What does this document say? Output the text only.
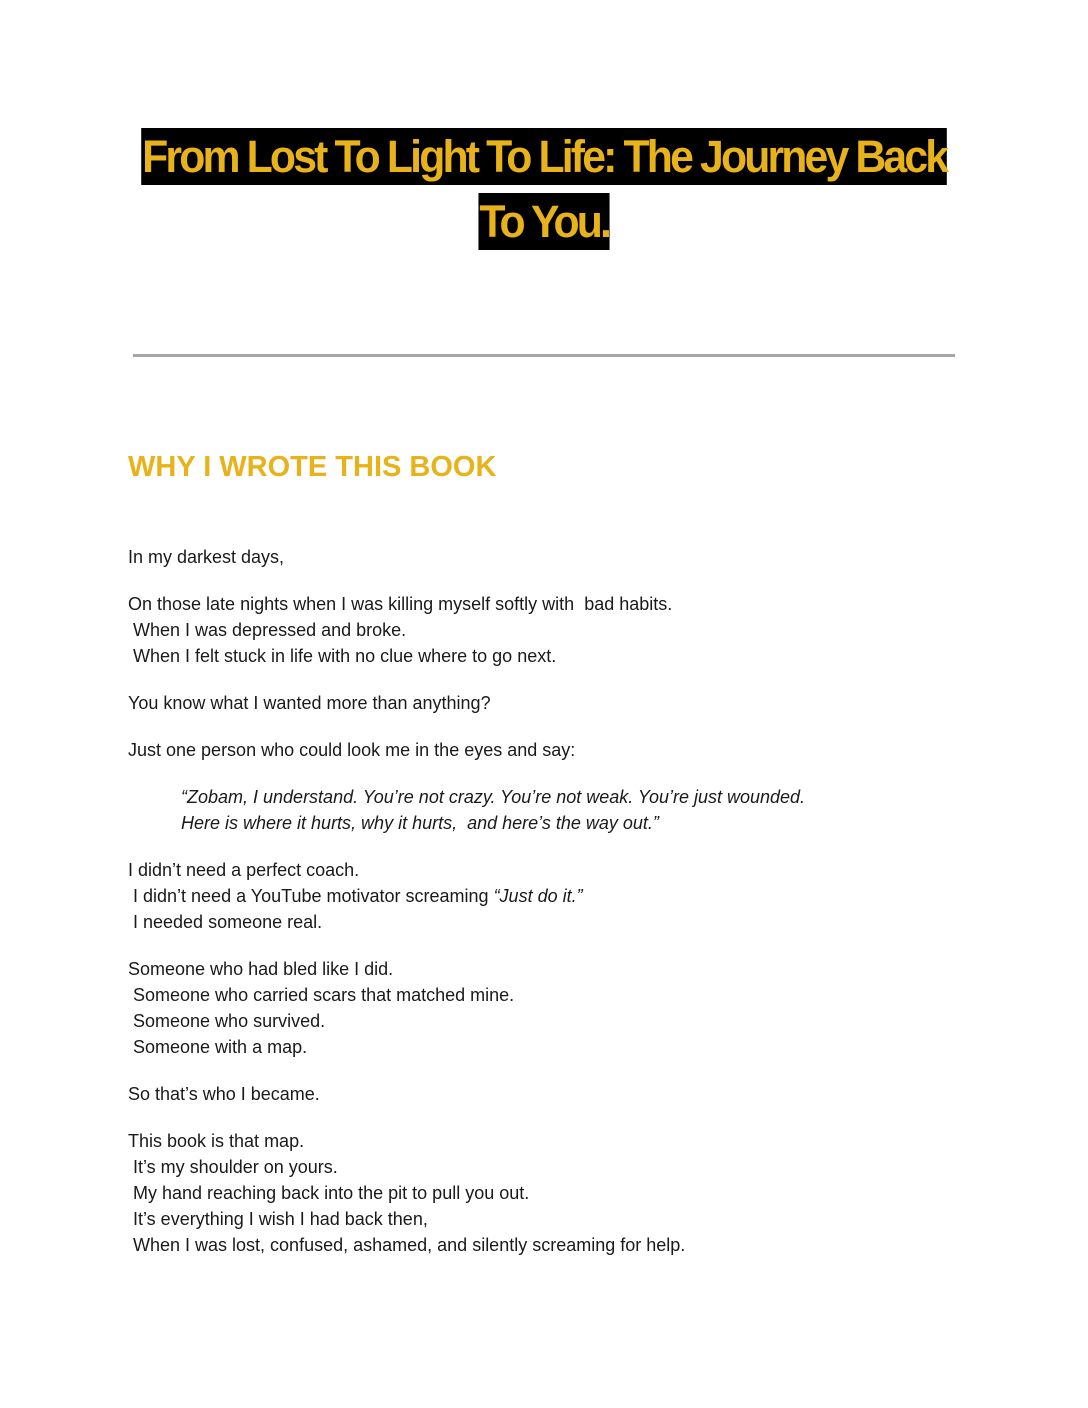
From Lost To Light To Life: The Journey Back
To You.
WHY I WROTE THIS BOOK

In my darkest days,

On those late nights when I was killing myself softly with  bad habits.
When I was depressed and broke.
When I felt stuck in life with no clue where to go next.

You know what I wanted more than anything?

Just one person who could look me in the eyes and say:

“Zobam, I understand. You’re not crazy. You’re not weak. You’re just wounded.
Here is where it hurts, why it hurts,  and here’s the way out.”

I didn’t need a perfect coach.
I didn’t need a YouTube motivator screaming “Just do it.”
I needed someone real.

Someone who had bled like I did.
Someone who carried scars that matched mine.
Someone who survived.
Someone with a map.

So that’s who I became.

This book is that map.
It’s my shoulder on yours.
My hand reaching back into the pit to pull you out.
It’s everything I wish I had back then,
When I was lost, confused, ashamed, and silently screaming for help.
